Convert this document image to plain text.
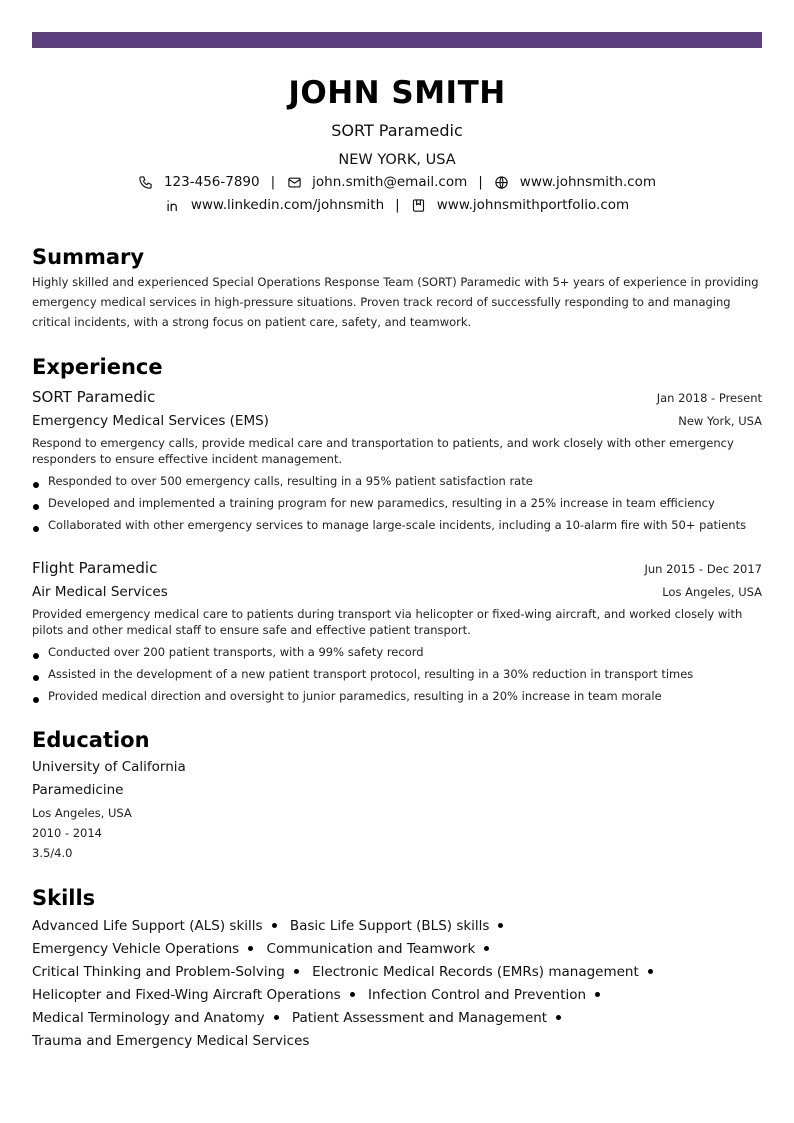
JOHN SMITH
SORT Paramedic
NEW YORK, USA
123-456-7890 |	john.smith@email.com |	www.johnsmith.com
www.linkedin.com/johnsmith |	www.johnsmithportfolio.com
Summary

Highly skilled and experienced Special Operations Response Team (SORT) Paramedic with 5+ years of experience in providing emergency medical services in high-pressure situations. Proven track record of successfully responding to and managing critical incidents, with a strong focus on patient care, safety, and teamwork.

Experience
SORT Paramedic	Jan 2018 - Present
Emergency Medical Services (EMS)	New York, USA
Respond to emergency calls, provide medical care and transportation to patients, and work closely with other emergency responders to ensure effective incident management.
Responded to over 500 emergency calls, resulting in a 95% patient satisfaction rate
Developed and implemented a training program for new paramedics, resulting in a 25% increase in team efficiency
Collaborated with other emergency services to manage large-scale incidents, including a 10-alarm fire with 50+ patients
Flight Paramedic	Jun 2015 - Dec 2017
Air Medical Services	Los Angeles, USA
Provided emergency medical care to patients during transport via helicopter or fixed-wing aircraft, and worked closely with pilots and other medical staff to ensure safe and effective patient transport.
Conducted over 200 patient transports, with a 99% safety record
Assisted in the development of a new patient transport protocol, resulting in a 30% reduction in transport times
Provided medical direction and oversight to junior paramedics, resulting in a 20% increase in team morale
Education
University of California
Paramedicine
Los Angeles, USA
2010 - 2014
3.5/4.0
Skills
Advanced Life Support (ALS) skills Basic Life Support (BLS) skills Emergency Vehicle Operations Communication and Teamwork Critical Thinking and Problem-Solving Electronic Medical Records (EMRs) management Helicopter and Fixed-Wing Aircraft Operations Infection Control and Prevention Medical Terminology and Anatomy Patient Assessment and Management Trauma and Emergency Medical Services
